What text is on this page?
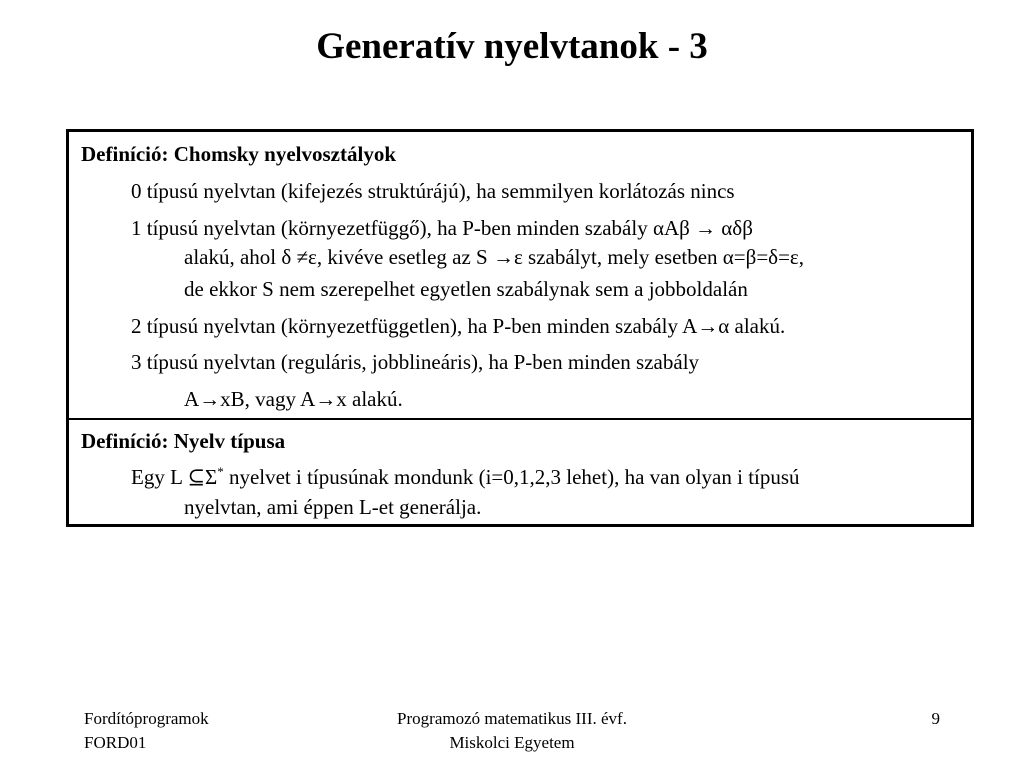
Generatív nyelvtanok - 3
Definíció: Chomsky nyelvosztályok
0 típusú nyelvtan (kifejezés struktúrájú), ha semmilyen korlátozás nincs
1 típusú nyelvtan (környezetfüggő), ha P-ben minden szabály αAβ → αδβ
alakú, ahol δ ≠ε, kivéve esetleg az S →ε szabályt, mely esetben α=β=δ=ε,
de ekkor S nem szerepelhet egyetlen szabálynak sem a jobboldalán
2 típusú nyelvtan (környezetfüggetlen), ha P-ben minden szabály A→α alakú.
3 típusú nyelvtan (reguláris, jobblineáris), ha P-ben minden szabály
A→xB, vagy A→x alakú.
Definíció: Nyelv típusa
Egy L ⊆Σ* nyelvet i típusúnak mondunk (i=0,1,2,3 lehet), ha van olyan i típusú
nyelvtan, ami éppen L-et generálja.
Fordítóprogramok
FORD01
Programozó matematikus III. évf.
Miskolci Egyetem
9
